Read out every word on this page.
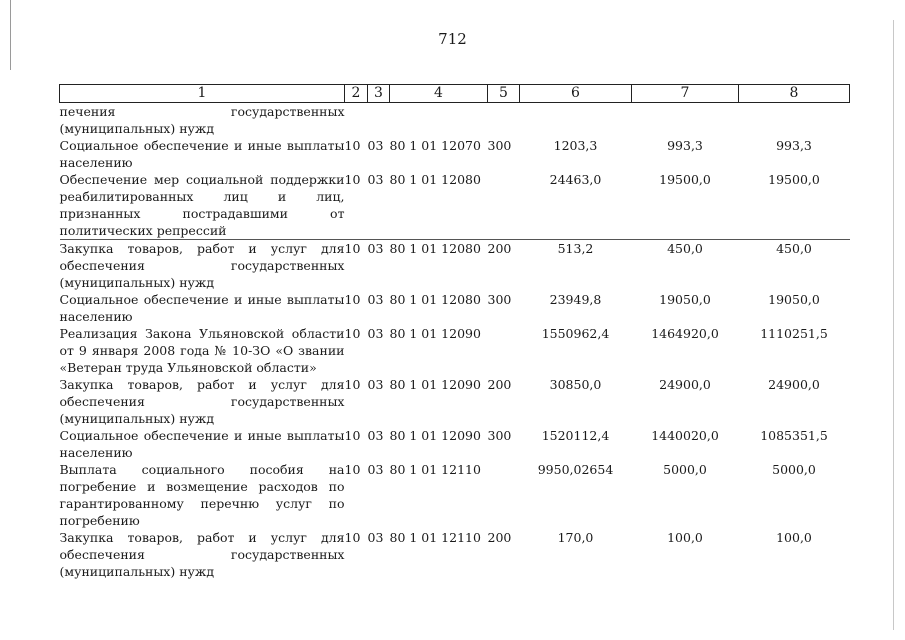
712
1	2	3	4	5	6	7	8
печения государственных (муниципальных) нужд							
Социальное обеспечение и иные выплаты населению	10	03	80 1 01 12070	300	1203,3	993,3	993,3
Обеспечение мер социальной поддержки реабилитированных лиц и лиц, признанных пострадавшими от политических репрессий	10	03	80 1 01 12080		24463,0	19500,0	19500,0
Закупка товаров, работ и услуг для обеспечения государственных (муниципальных) нужд	10	03	80 1 01 12080	200	513,2	450,0	450,0
Социальное обеспечение и иные выплаты населению	10	03	80 1 01 12080	300	23949,8	19050,0	19050,0
Реализация Закона Ульяновской области от 9 января 2008 года № 10-ЗО «О звании «Ветеран труда Ульяновской области»	10	03	80 1 01 12090		1550962,4	1464920,0	1110251,5
Закупка товаров, работ и услуг для обеспечения государственных (муниципальных) нужд	10	03	80 1 01 12090	200	30850,0	24900,0	24900,0
Социальное обеспечение и иные выплаты населению	10	03	80 1 01 12090	300	1520112,4	1440020,0	1085351,5
Выплата социального пособия на погребение и возмещение расходов по гарантированному перечню услуг по погребению	10	03	80 1 01 12110		9950,02654	5000,0	5000,0
Закупка товаров, работ и услуг для обеспечения государственных (муниципальных) нужд	10	03	80 1 01 12110	200	170,0	100,0	100,0
